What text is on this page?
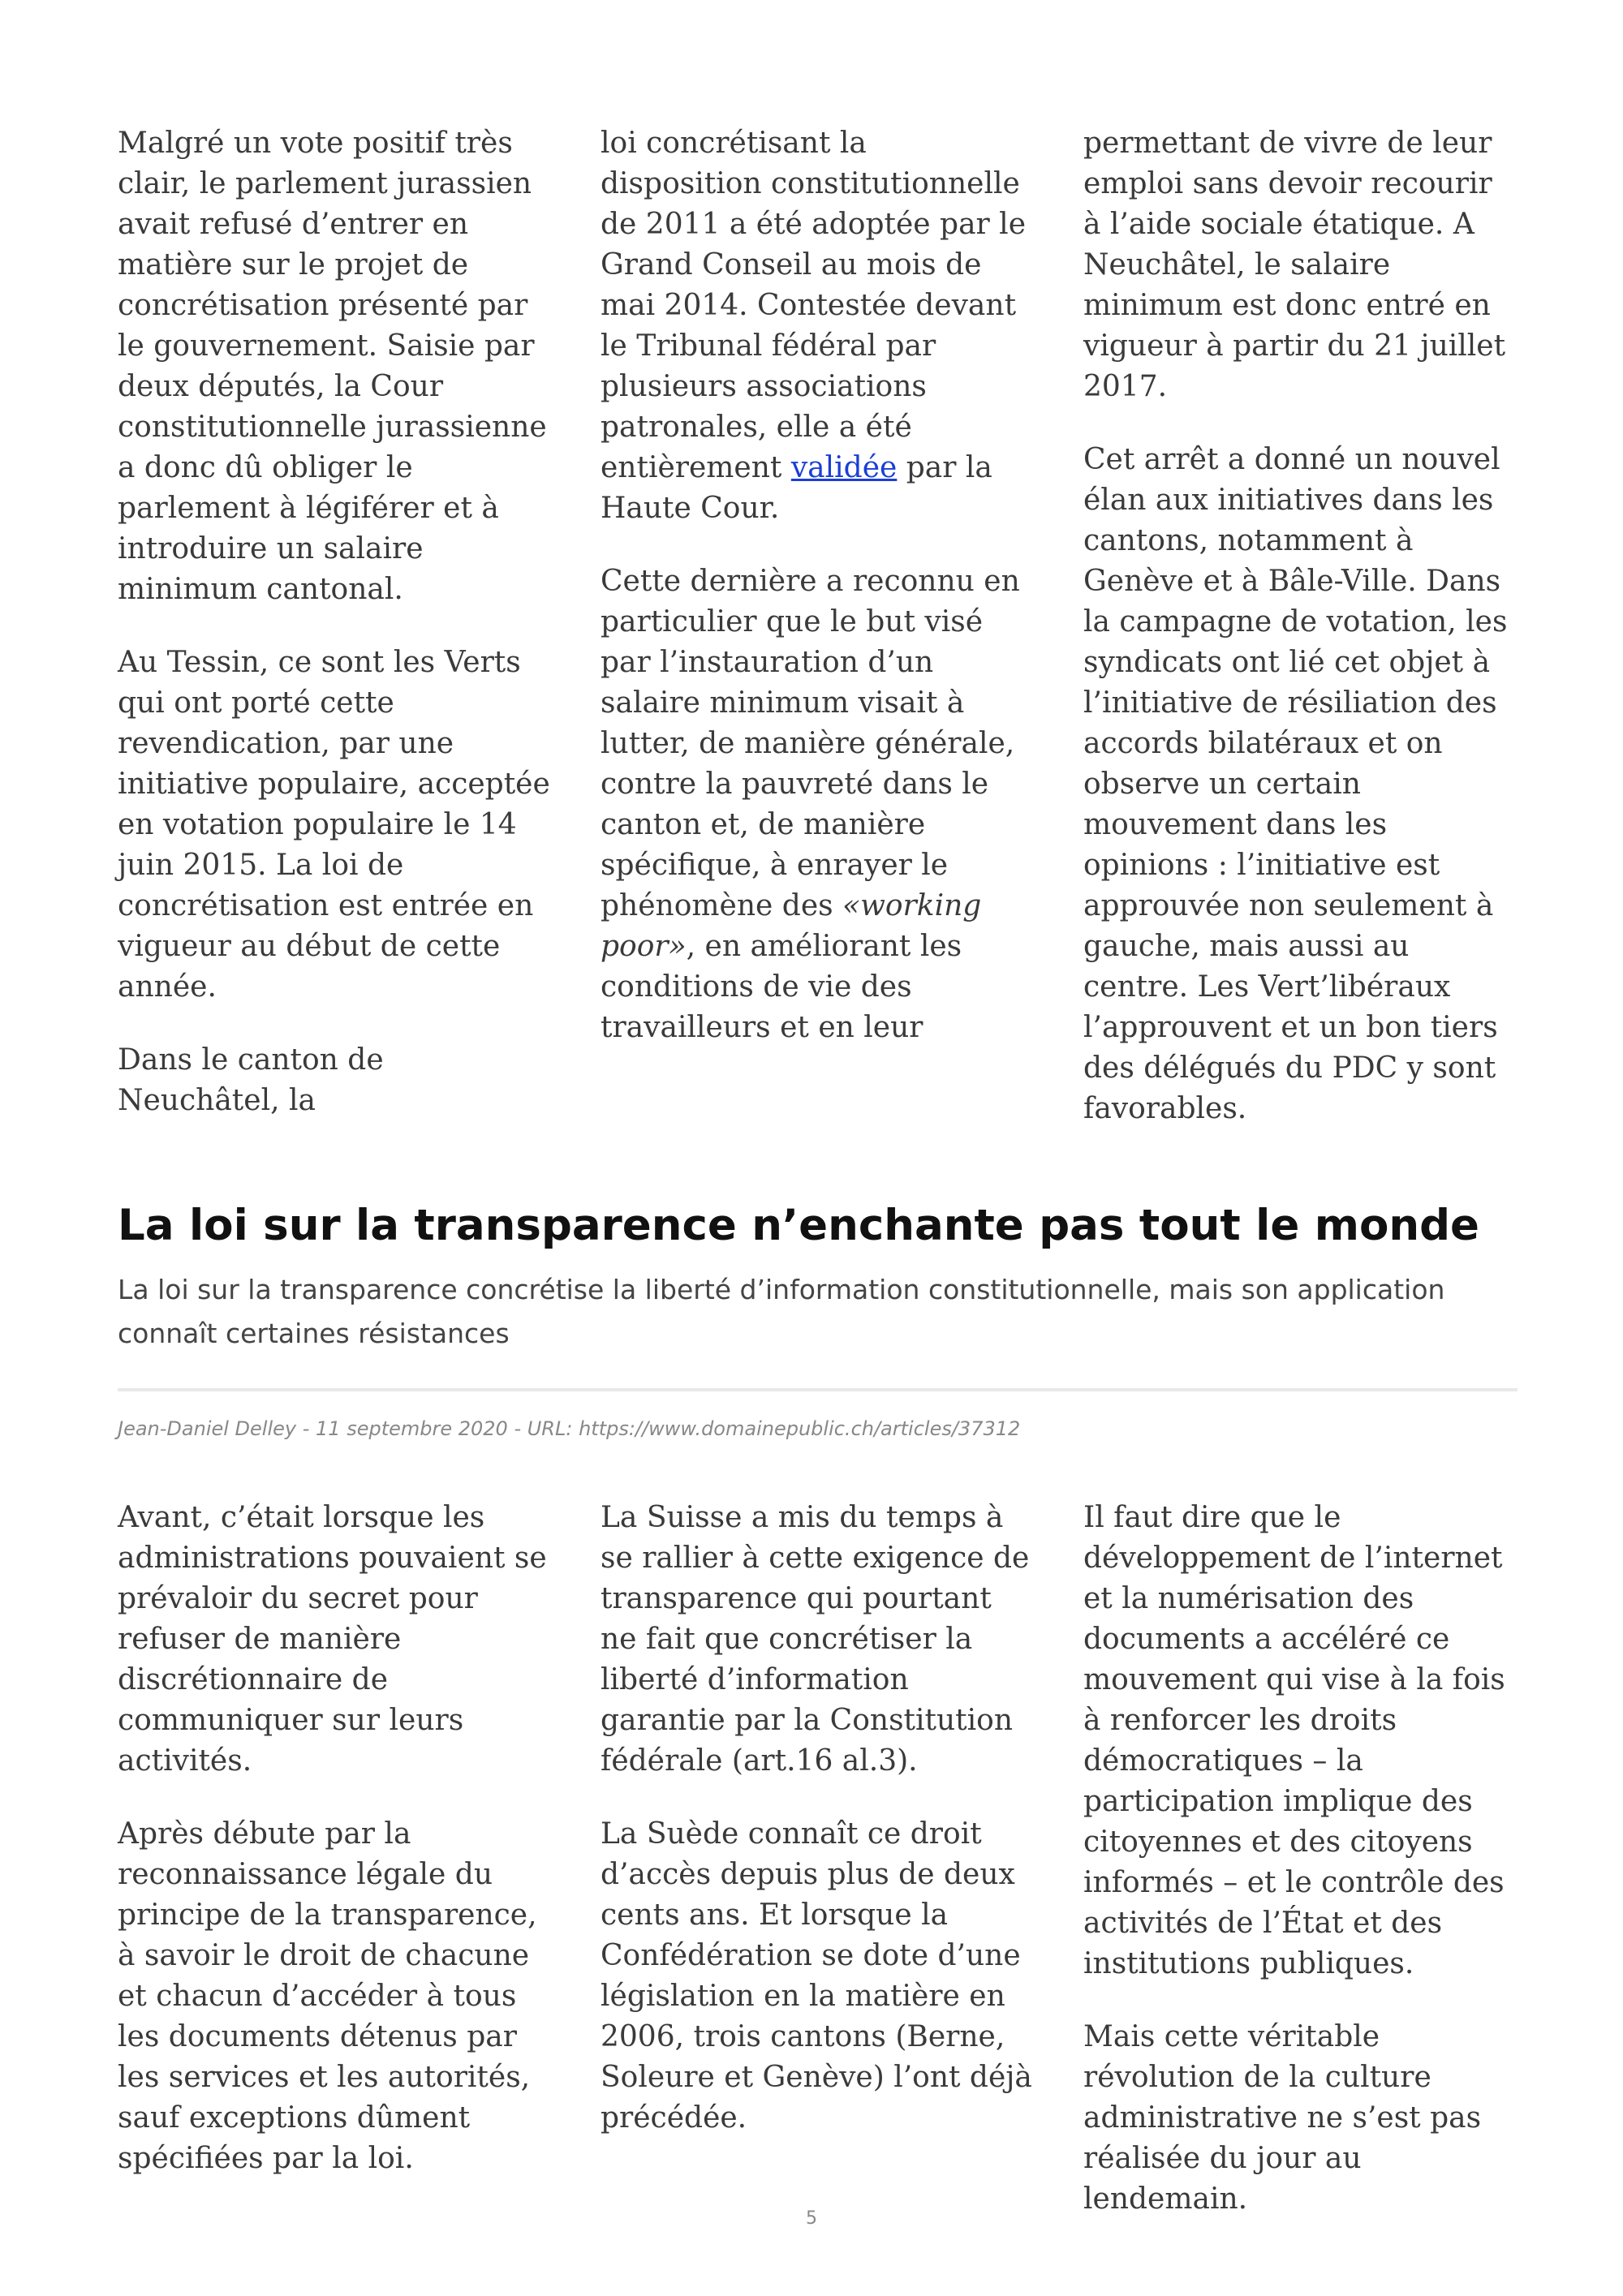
Malgré un vote positif très clair, le parlement jurassien avait refusé d’entrer en matière sur le projet de concrétisation présenté par le gouvernement. Saisie par deux députés, la Cour constitutionnelle jurassienne a donc dû obliger le parlement à légiférer et à introduire un salaire minimum cantonal.

Au Tessin, ce sont les Verts qui ont porté cette revendication, par une initiative populaire, acceptée en votation populaire le 14 juin 2015. La loi de concrétisation est entrée en vigueur au début de cette année.

Dans le canton de Neuchâtel, la

loi concrétisant la disposition constitutionnelle de 2011 a été adoptée par le Grand Conseil au mois de mai 2014. Contestée devant le Tribunal fédéral par plusieurs associations patronales, elle a été entièrement validée par la Haute Cour.

Cette dernière a reconnu en particulier que le but visé par l’instauration d’un salaire minimum visait à lutter, de manière générale, contre la pauvreté dans le canton et, de manière spécifique, à enrayer le phénomène des «working poor», en améliorant les conditions de vie des travailleurs et en leur

permettant de vivre de leur emploi sans devoir recourir à l’aide sociale étatique. A Neuchâtel, le salaire minimum est donc entré en vigueur à partir du 21 juillet 2017.

Cet arrêt a donné un nouvel élan aux initiatives dans les cantons, notamment à Genève et à Bâle-Ville. Dans la campagne de votation, les syndicats ont lié cet objet à l’initiative de résiliation des accords bilatéraux et on observe un certain mouvement dans les opinions : l’initiative est approuvée non seulement à gauche, mais aussi au centre. Les Vert’libéraux l’approuvent et un bon tiers des délégués du PDC y sont favorables.

La loi sur la transparence n’enchante pas tout le monde

La loi sur la transparence concrétise la liberté d’information constitutionnelle, mais son application connaît certaines résistances

Jean-Daniel Delley - 11 septembre 2020 - URL: https://www.domainepublic.ch/articles/37312

Avant, c’était lorsque les administrations pouvaient se prévaloir du secret pour refuser de manière discrétionnaire de communiquer sur leurs activités.

Après débute par la reconnaissance légale du principe de la transparence, à savoir le droit de chacune et chacun d’accéder à tous les documents détenus par les services et les autorités, sauf exceptions dûment spécifiées par la loi.

La Suisse a mis du temps à se rallier à cette exigence de transparence qui pourtant ne fait que concrétiser la liberté d’information garantie par la Constitution fédérale (art.16 al.3).

La Suède connaît ce droit d’accès depuis plus de deux cents ans. Et lorsque la Confédération se dote d’une législation en la matière en 2006, trois cantons (Berne, Soleure et Genève) l’ont déjà précédée.

Il faut dire que le développement de l’internet et la numérisation des documents a accéléré ce mouvement qui vise à la fois à renforcer les droits démocratiques – la participation implique des citoyennes et des citoyens informés – et le contrôle des activités de l’État et des institutions publiques.

Mais cette véritable révolution de la culture administrative ne s’est pas réalisée du jour au lendemain.

5
